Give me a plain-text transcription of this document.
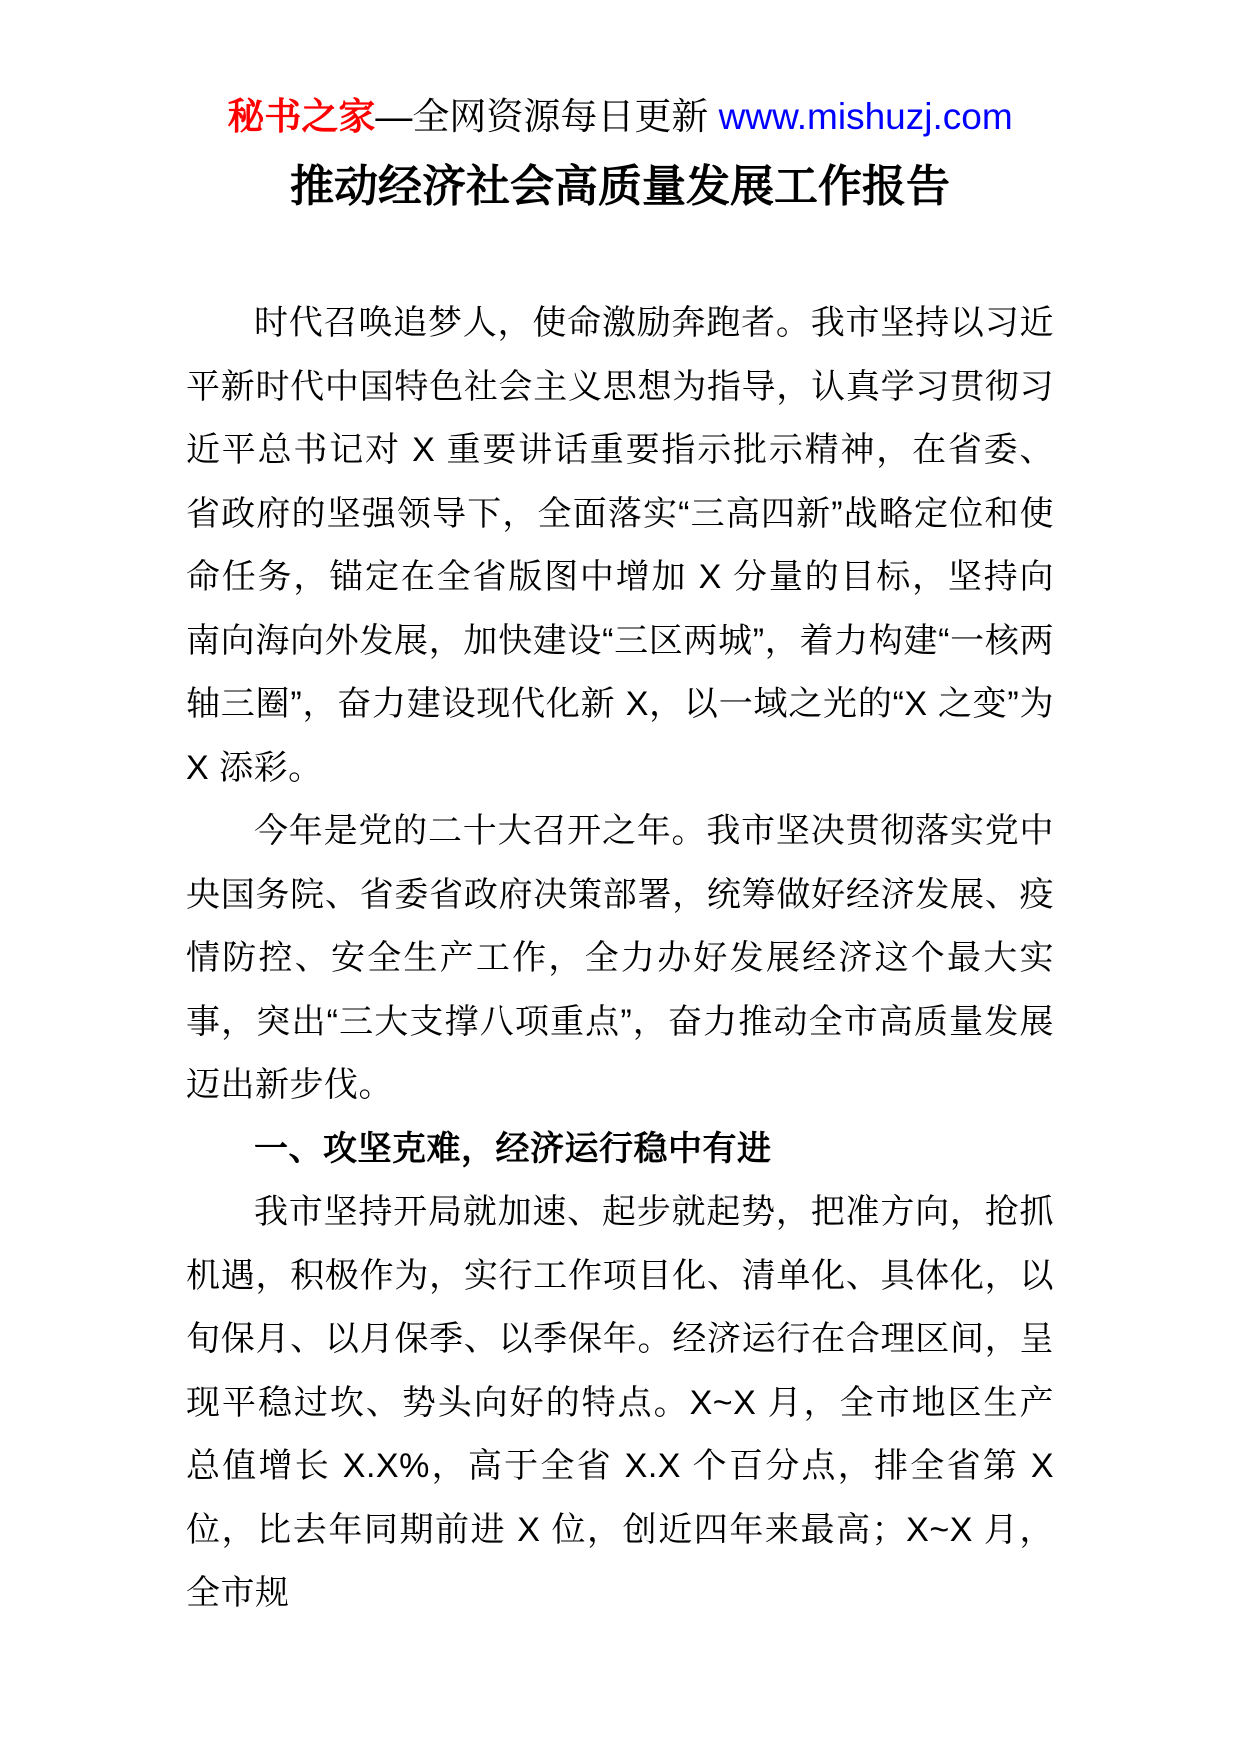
秘书之家—全网资源每日更新 www.mishuzj.com
推动经济社会高质量发展工作报告

时代召唤追梦人，使命激励奔跑者。我市坚持以习近平新时代中国特色社会主义思想为指导，认真学习贯彻习近平总书记对 X 重要讲话重要指示批示精神，在省委、省政府的坚强领导下，全面落实“三高四新”战略定位和使命任务，锚定在全省版图中增加 X 分量的目标，坚持向南向海向外发展，加快建设“三区两城”，着力构建“一核两轴三圈”，奋力建设现代化新 X，以一域之光的“X 之变”为 X 添彩。

今年是党的二十大召开之年。我市坚决贯彻落实党中央国务院、省委省政府决策部署，统筹做好经济发展、疫情防控、安全生产工作，全力办好发展经济这个最大实事，突出“三大支撑八项重点”，奋力推动全市高质量发展迈出新步伐。

一、攻坚克难，经济运行稳中有进

我市坚持开局就加速、起步就起势，把准方向，抢抓机遇，积极作为，实行工作项目化、清单化、具体化，以旬保月、以月保季、以季保年。经济运行在合理区间，呈现平稳过坎、势头向好的特点。X~X 月，全市地区生产总值增长 X.X%，高于全省 X.X 个百分点，排全省第 X 位，比去年同期前进 X 位，创近四年来最高；X~X 月，全市规
